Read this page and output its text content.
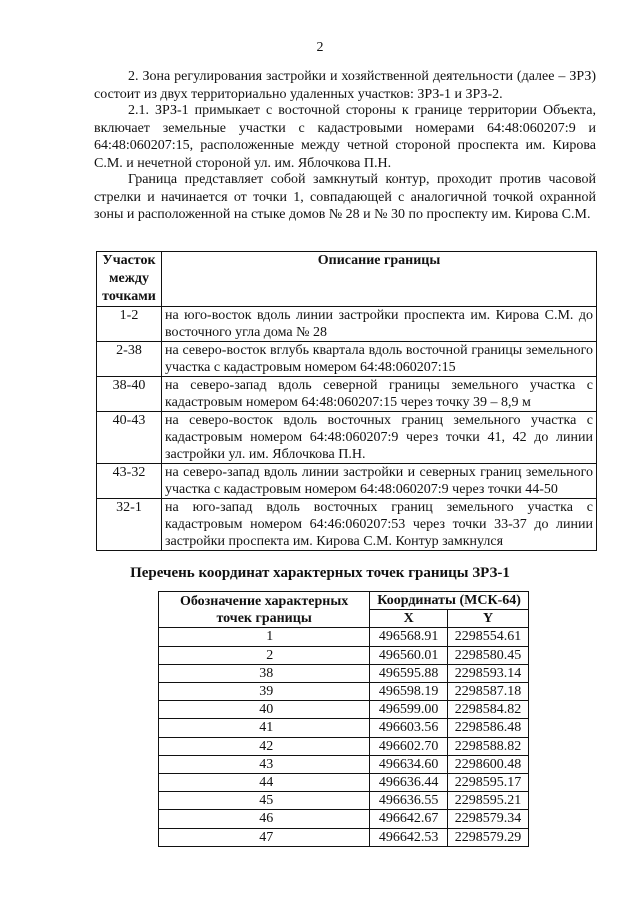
2
2. Зона регулирования застройки и хозяйственной деятельности (далее – ЗРЗ) состоит из двух территориально удаленных участков: ЗРЗ-1 и ЗРЗ-2.
2.1. ЗРЗ-1 примыкает с восточной стороны к границе территории Объекта, включает земельные участки с кадастровыми номерами 64:48:060207:9 и 64:48:060207:15, расположенные между четной стороной проспекта им. Кирова С.М. и нечетной стороной ул. им. Яблочкова П.Н.
Граница представляет собой замкнутый контур, проходит против часовой стрелки и начинается от точки 1, совпадающей с аналогичной точкой охранной зоны и расположенной на стыке домов № 28 и № 30 по проспекту им. Кирова С.М.
Участок между точками	Описание границы
1-2	на юго-восток вдоль линии застройки проспекта им. Кирова С.М. до восточного угла дома № 28
2-38	на северо-восток вглубь квартала вдоль восточной границы земельного участка с кадастровым номером 64:48:060207:15
38-40	на северо-запад вдоль северной границы земельного участка с кадастровым номером 64:48:060207:15 через точку 39 – 8,9 м
40-43	на северо-восток вдоль восточных границ земельного участка с кадастровым номером 64:48:060207:9 через точки 41, 42 до линии застройки ул. им. Яблочкова П.Н.
43-32	на северо-запад вдоль линии застройки и северных границ земельного участка с кадастровым номером 64:48:060207:9 через точки 44-50
32-1	на юго-запад вдоль восточных границ земельного участка с кадастровым номером 64:46:060207:53 через точки 33-37 до линии застройки проспекта им. Кирова С.М. Контур замкнулся
Перечень координат характерных точек границы ЗРЗ-1
Обозначение характерных точек границы	Координаты (МСК-64)	
	X	Y
1	496568.91	2298554.61
2	496560.01	2298580.45
38	496595.88	2298593.14
39	496598.19	2298587.18
40	496599.00	2298584.82
41	496603.56	2298586.48
42	496602.70	2298588.82
43	496634.60	2298600.48
44	496636.44	2298595.17
45	496636.55	2298595.21
46	496642.67	2298579.34
47	496642.53	2298579.29
